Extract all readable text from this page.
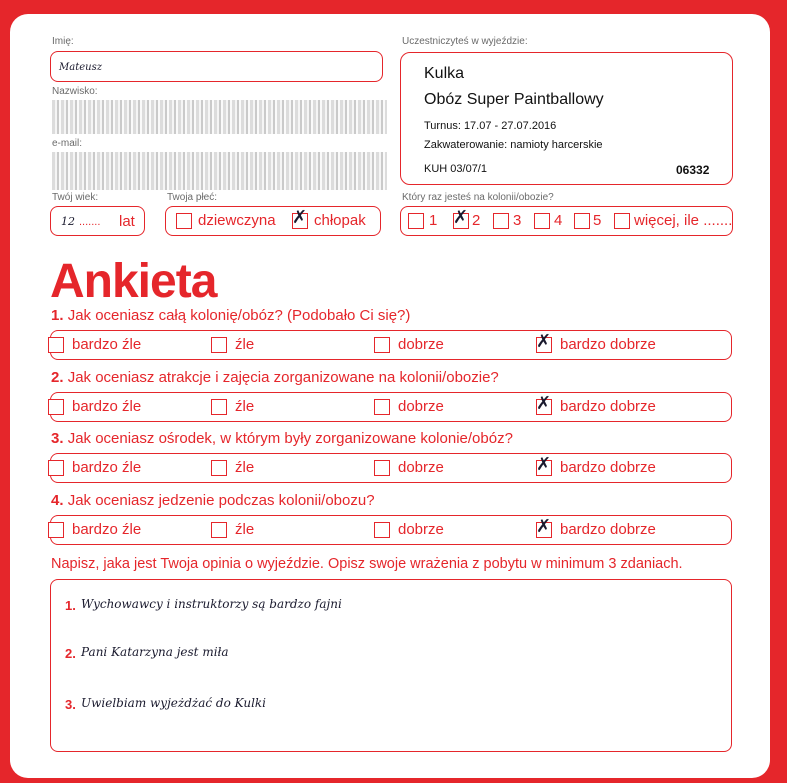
Imię:
Mateusz
Nazwisko:
e-mail:
Twój wiek:
12 ....... lat
Twoja płeć:
dziewczyna ✗ chłopak
Uczestniczyteś w wyjeździe:
Kulka
Obóz Super Paintballowy
Turnus: 17.07 - 27.07.2016
Zakwaterowanie: namioty harcerskie
KUH 03/07/1	06332
Który raz jesteś na kolonii/obozie?
1 ✗ 2 3 4 5 więcej, ile .......
Ankieta
1. Jak oceniasz całą kolonię/obóz? (Podobało Ci się?)
bardzo źle	źle	dobrze	✗ bardzo dobrze
2. Jak oceniasz atrakcje i zajęcia zorganizowane na kolonii/obozie?
bardzo źle	źle	dobrze	✗ bardzo dobrze
3. Jak oceniasz ośrodek, w którym były zorganizowane kolonie/obóz?
bardzo źle	źle	dobrze	✗ bardzo dobrze
4. Jak oceniasz jedzenie podczas kolonii/obozu?
bardzo źle	źle	dobrze	✗ bardzo dobrze
Napisz, jaka jest Twoja opinia o wyjeździe. Opisz swoje wrażenia z pobytu w minimum 3 zdaniach.
1. Wychowawcy i instruktorzy są bardzo fajni
2. Pani Katarzyna jest miła
3. Uwielbiam wyjeżdżać do Kulki
